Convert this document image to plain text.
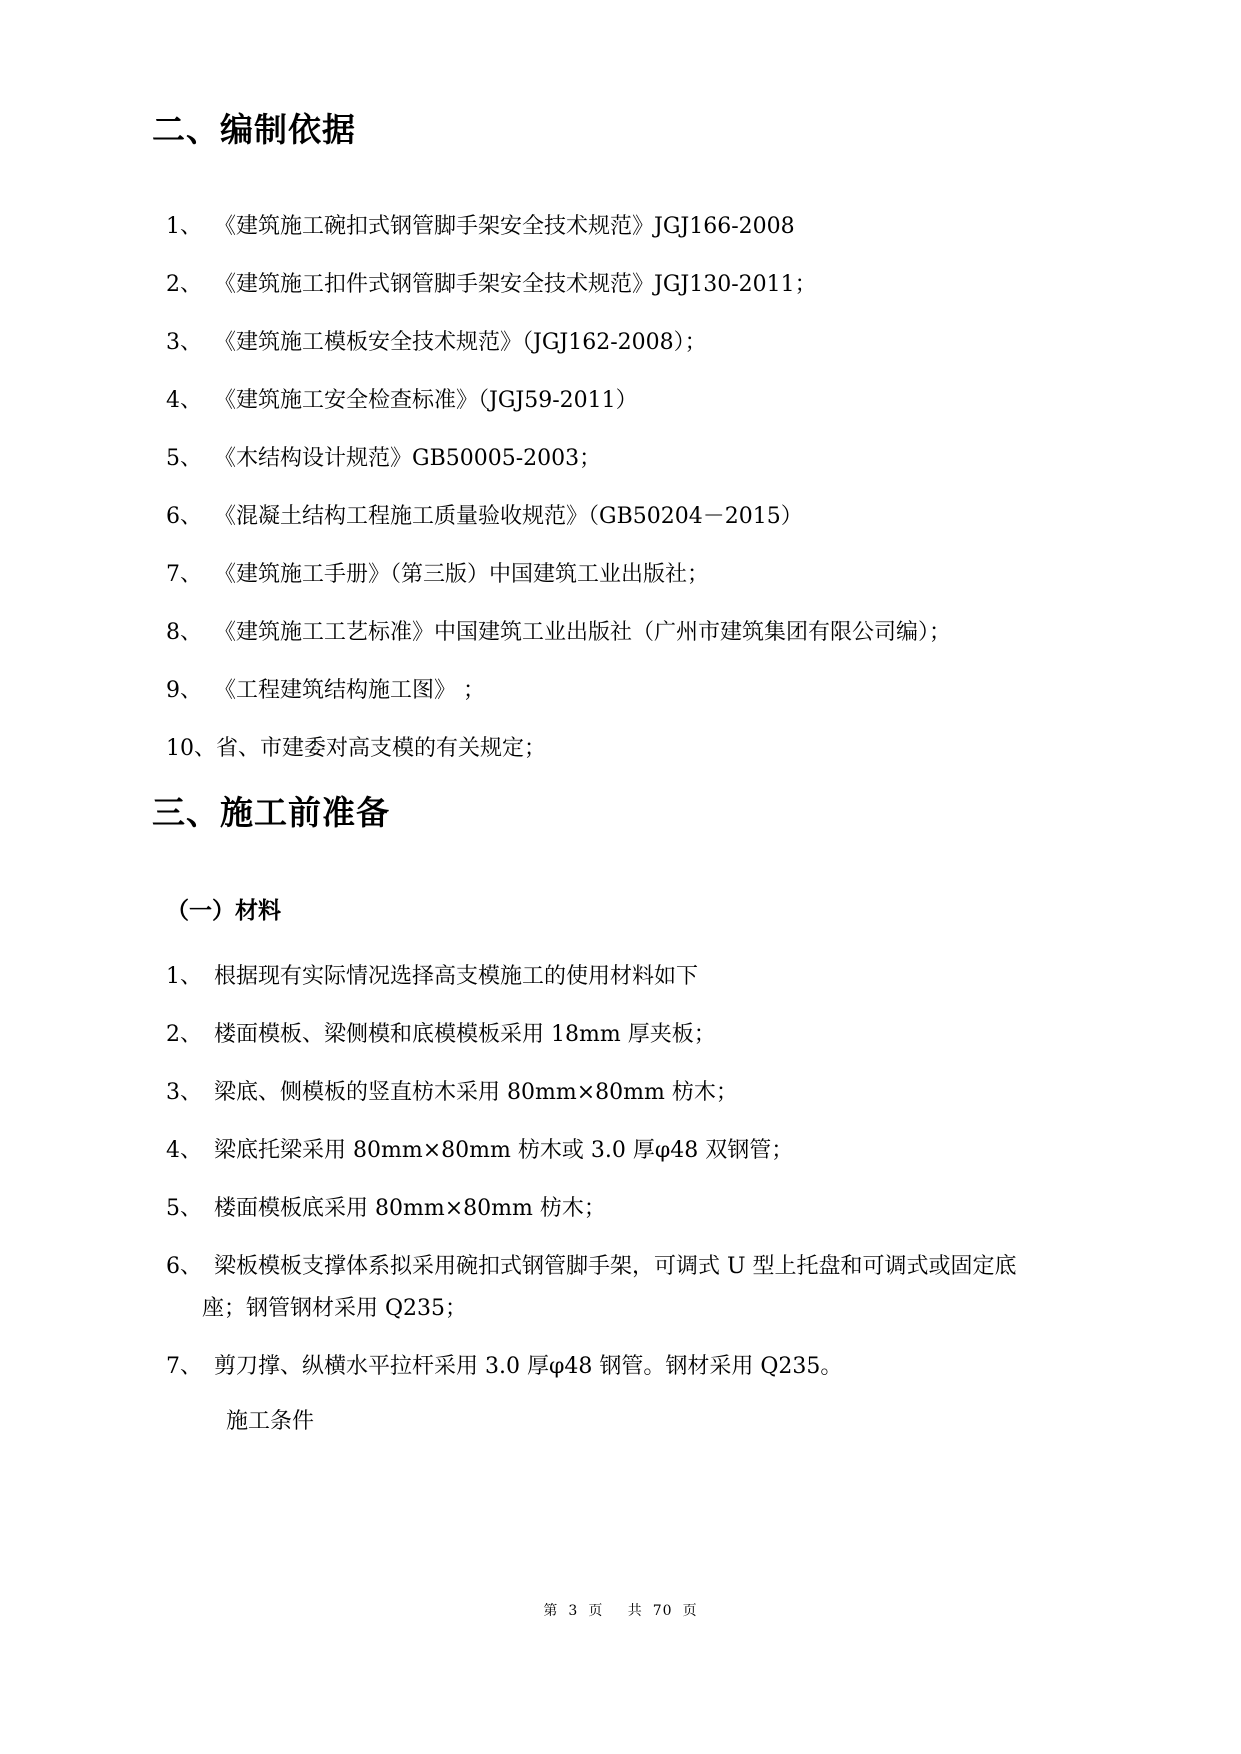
二、编制依据
1、 《建筑施工碗扣式钢管脚手架安全技术规范》JGJ166-2008
2、 《建筑施工扣件式钢管脚手架安全技术规范》JGJ130-2011；
3、 《建筑施工模板安全技术规范》（JGJ162-2008）；
4、 《建筑施工安全检查标准》（JGJ59-2011）
5、 《木结构设计规范》GB50005-2003；
6、 《混凝土结构工程施工质量验收规范》（GB50204－2015）
7、 《建筑施工手册》（第三版）中国建筑工业出版社；
8、 《建筑施工工艺标准》中国建筑工业出版社（广州市建筑集团有限公司编）；
9、 《工程建筑结构施工图》 ；
10、省、市建委对高支模的有关规定；
三、施工前准备
（一）材料
1、 根据现有实际情况选择高支模施工的使用材料如下
2、 楼面模板、梁侧模和底模模板采用 18mm 厚夹板；
3、 梁底、侧模板的竖直枋木采用 80mm×80mm 枋木；
4、 梁底托梁采用 80mm×80mm 枋木或 3.0 厚φ48 双钢管；
5、 楼面模板底采用 80mm×80mm 枋木；
6、 梁板模板支撑体系拟采用碗扣式钢管脚手架，可调式 U 型上托盘和可调式或固定底
座；钢管钢材采用 Q235；
7、 剪刀撑、纵横水平拉杆采用 3.0 厚φ48 钢管。钢材采用 Q235。
施工条件
第 3 页 共 70 页
